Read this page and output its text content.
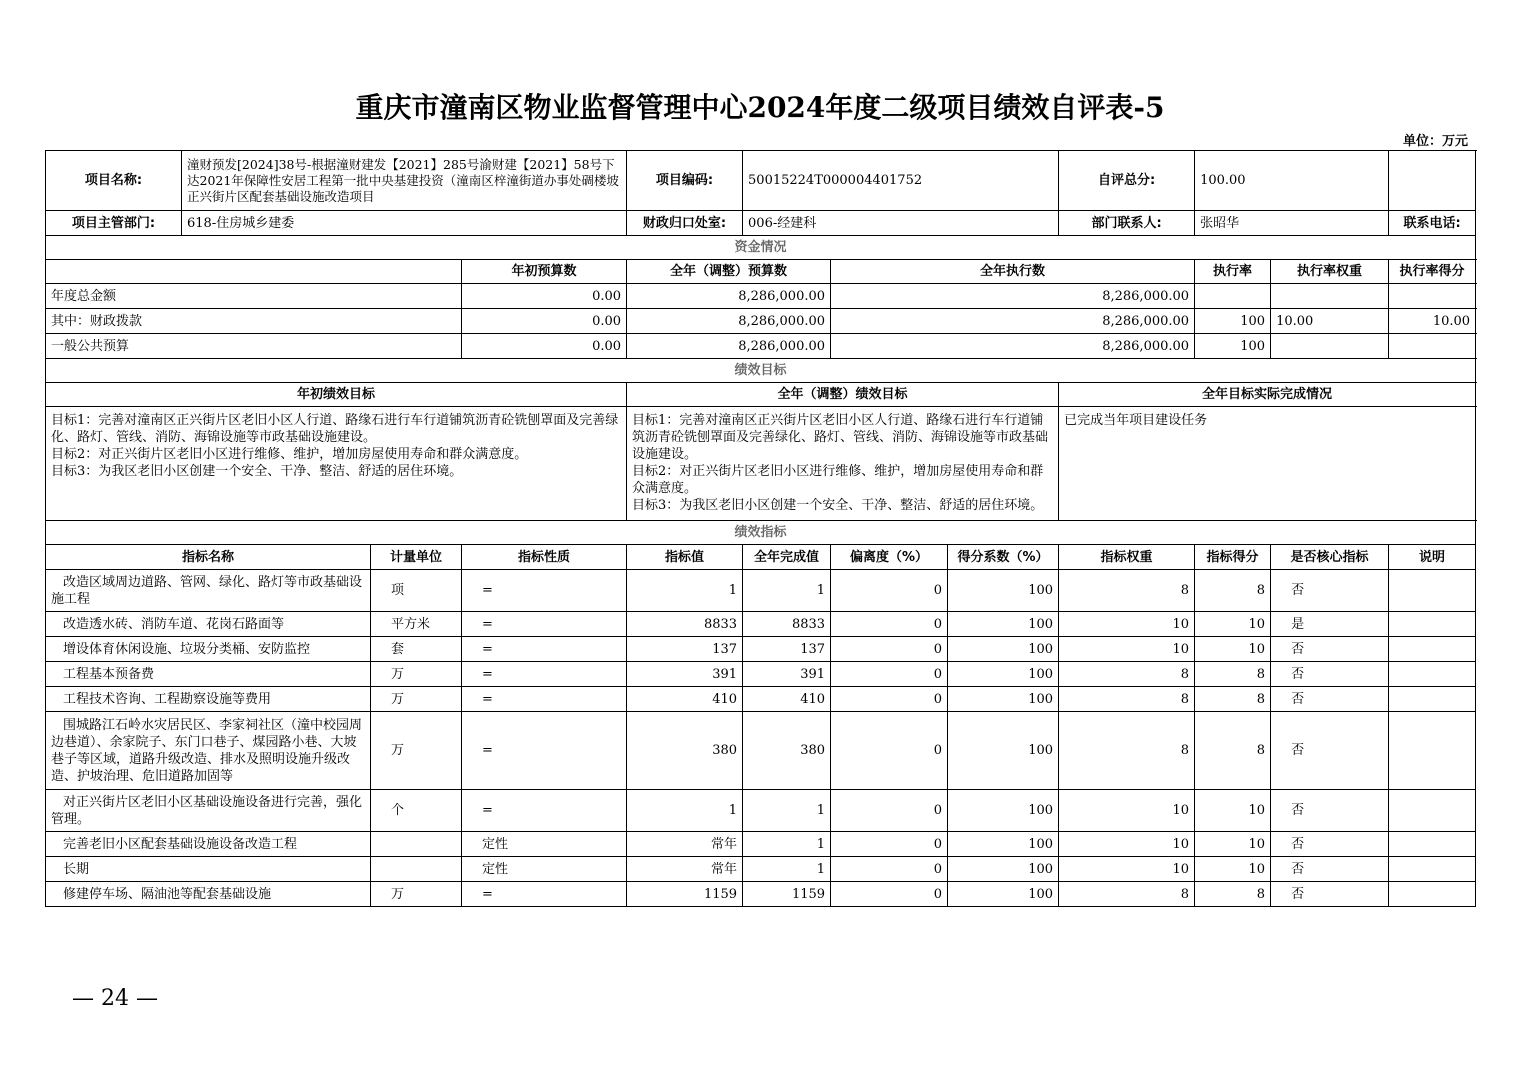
重庆市潼南区物业监督管理中心2024年度二级项目绩效自评表-5
单位：万元
项目名称:	潼财预发[2024]38号-根据潼财建发【2021】285号渝财建【2021】58号下达2021年保障性安居工程第一批中央基建投资（潼南区梓潼街道办事处碉楼坡正兴街片区配套基础设施改造项目			项目编码:	50015224T000004401752			自评总分:	100.00			
项目主管部门:	618-住房城乡建委			财政归口处室:	006-经建科			部门联系人:	张昭华		联系电话:	
资金情况												
			年初预算数	全年（调整）预算数		全年执行数			执行率	执行率权重	执行率得分	
年度总金额			0.00	8,286,000.00		8,286,000.00						
其中：财政拨款			0.00	8,286,000.00		8,286,000.00			100	10.00	10.00	
一般公共预算			0.00	8,286,000.00		8,286,000.00			100			
绩效目标												
年初绩效目标				全年（调整）绩效目标				全年目标实际完成情况				
目标1：完善对潼南区正兴街片区老旧小区人行道、路缘石进行车行道铺筑沥青砼铣刨罩面及完善绿化、路灯、管线、消防、海锦设施等市政基础设施建设。
目标2：对正兴街片区老旧小区进行维修、维护，增加房屋使用寿命和群众满意度。
目标3：为我区老旧小区创建一个安全、干净、整洁、舒适的居住环境。				目标1：完善对潼南区正兴街片区老旧小区人行道、路缘石进行车行道铺筑沥青砼铣刨罩面及完善绿化、路灯、管线、消防、海锦设施等市政基础设施建设。
目标2：对正兴街片区老旧小区进行维修、维护，增加房屋使用寿命和群众满意度。
目标3：为我区老旧小区创建一个安全、干净、整洁、舒适的居住环境。				已完成当年项目建设任务				
绩效指标												
指标名称		计量单位	指标性质	指标值	全年完成值	偏离度（%）	得分系数（%）	指标权重	指标得分	是否核心指标	说明	
改造区域周边道路、管网、绿化、路灯等市政基础设施工程		项	=	1	1	0	100	8	8	否		
改造透水砖、消防车道、花岗石路面等		平方米	=	8833	8833	0	100	10	10	是		
增设体育休闲设施、垃圾分类桶、安防监控		套	=	137	137	0	100	10	10	否		
工程基本预备费		万	=	391	391	0	100	8	8	否		
工程技术咨询、工程勘察设施等费用		万	=	410	410	0	100	8	8	否		
围城路江石岭水灾居民区、李家祠社区（潼中校园周边巷道）、余家院子、东门口巷子、煤园路小巷、大坡巷子等区域，道路升级改造、排水及照明设施升级改造、护坡治理、危旧道路加固等		万	=	380	380	0	100	8	8	否		
对正兴街片区老旧小区基础设施设备进行完善，强化管理。		个	=	1	1	0	100	10	10	否		
完善老旧小区配套基础设施设备改造工程			定性	常年	1	0	100	10	10	否		
长期			定性	常年	1	0	100	10	10	否		
修建停车场、隔油池等配套基础设施		万	=	1159	1159	0	100	8	8	否		
— 24 —
